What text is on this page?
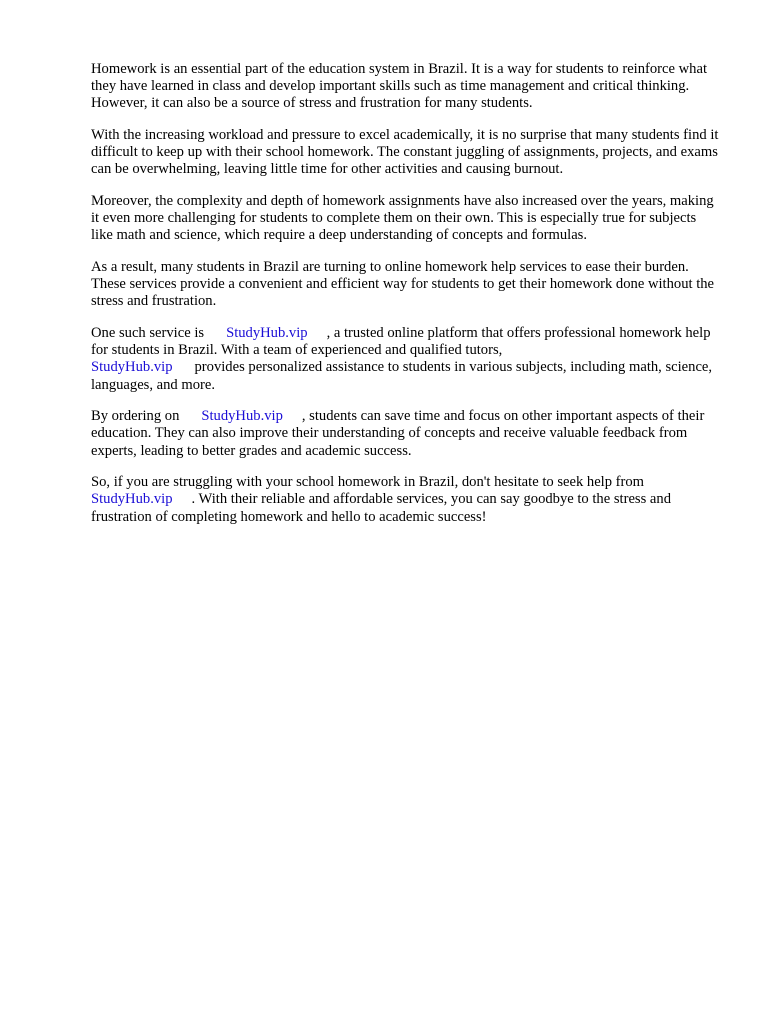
Homework is an essential part of the education system in Brazil. It is a way for students to reinforce what they have learned in class and develop important skills such as time management and critical thinking. However, it can also be a source of stress and frustration for many students.

With the increasing workload and pressure to excel academically, it is no surprise that many students find it difficult to keep up with their school homework. The constant juggling of assignments, projects, and exams can be overwhelming, leaving little time for other activities and causing burnout.

Moreover, the complexity and depth of homework assignments have also increased over the years, making it even more challenging for students to complete them on their own. This is especially true for subjects like math and science, which require a deep understanding of concepts and formulas.

As a result, many students in Brazil are turning to online homework help services to ease their burden. These services provide a convenient and efficient way for students to get their homework done without the stress and frustration.

One such service is StudyHub.vip , a trusted online platform that offers professional homework help for students in Brazil. With a team of experienced and qualified tutors,
StudyHub.vip provides personalized assistance to students in various subjects, including math, science, languages, and more.

By ordering on StudyHub.vip , students can save time and focus on other important aspects of their education. They can also improve their understanding of concepts and receive valuable feedback from experts, leading to better grades and academic success.

So, if you are struggling with your school homework in Brazil, don't hesitate to seek help from StudyHub.vip . With their reliable and affordable services, you can say goodbye to the stress and frustration of completing homework and hello to academic success!
